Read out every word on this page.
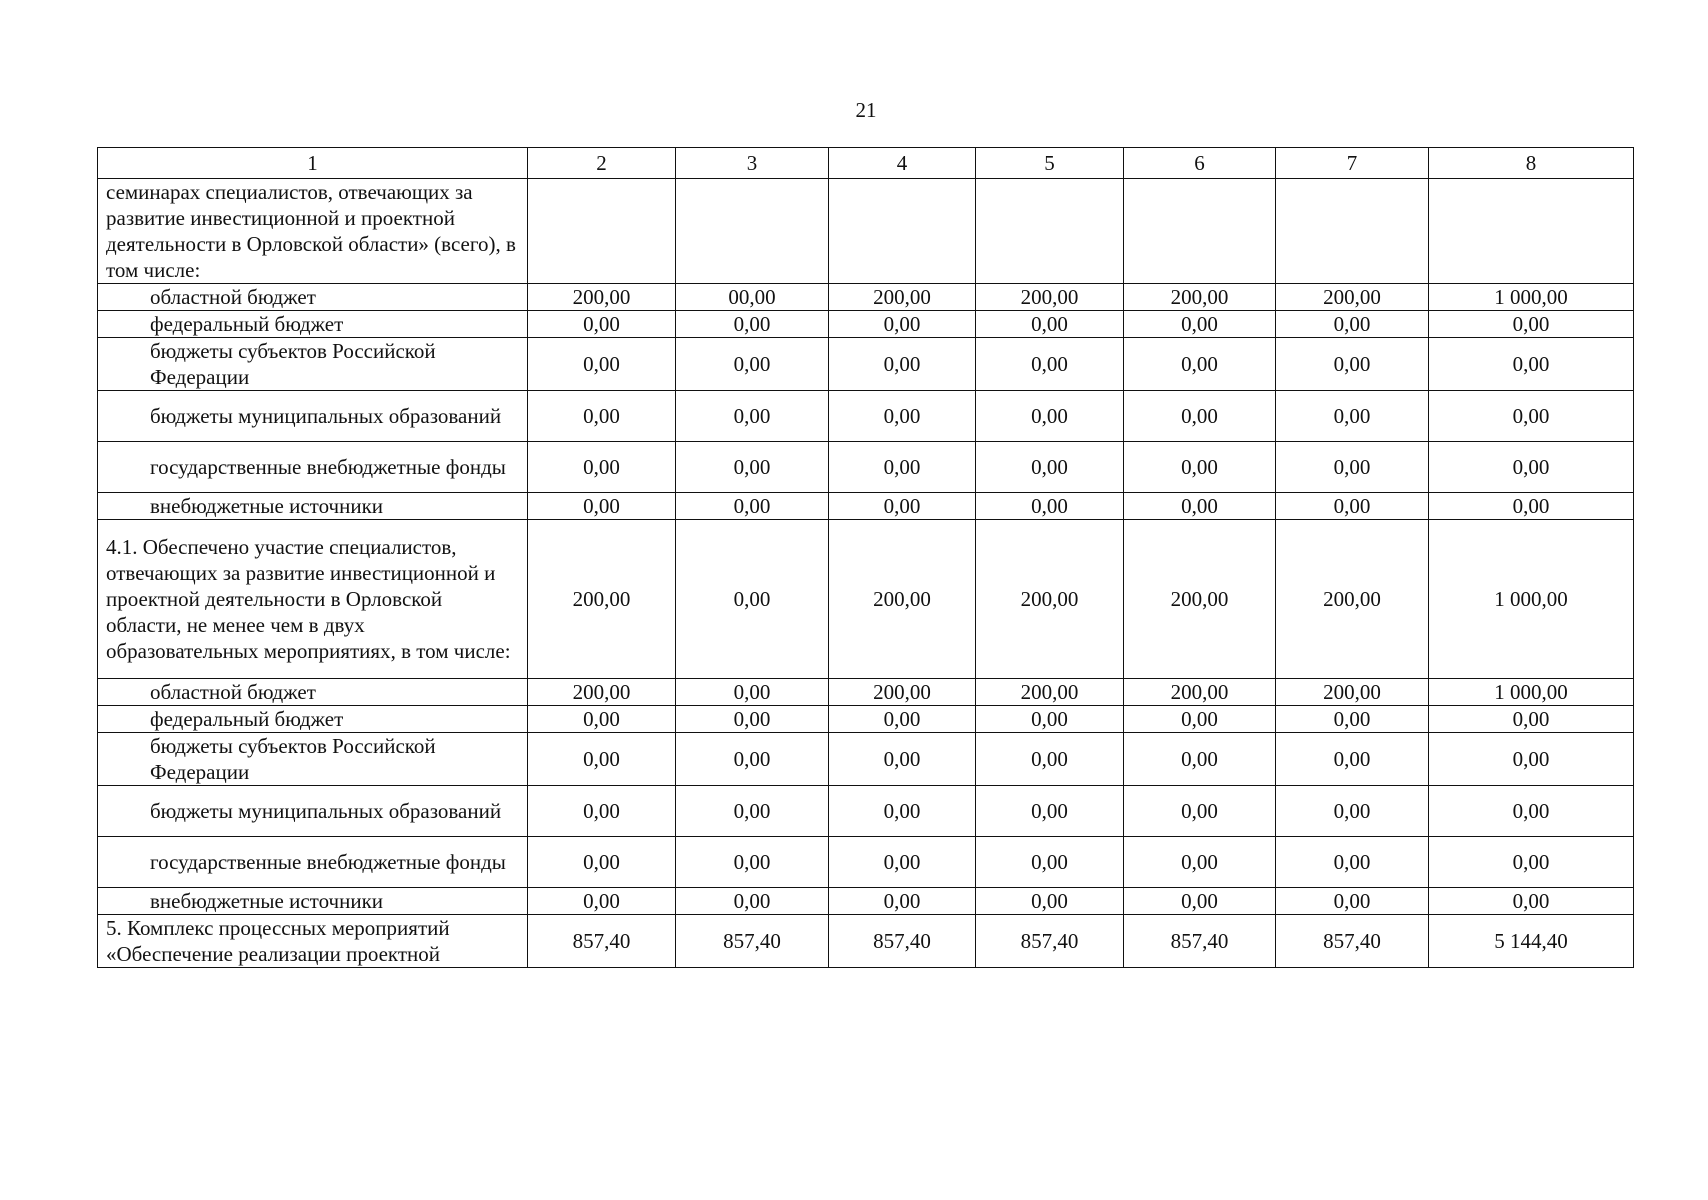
21
1	2	3	4	5	6	7	8
семинарах специалистов, отвечающих за развитие инвестиционной и проектной деятельности в Орловской области» (всего), в том числе:							
областной бюджет	200,00	00,00	200,00	200,00	200,00	200,00	1 000,00
федеральный бюджет	0,00	0,00	0,00	0,00	0,00	0,00	0,00
бюджеты субъектов Российской Федерации	0,00	0,00	0,00	0,00	0,00	0,00	0,00
бюджеты муниципальных образований	0,00	0,00	0,00	0,00	0,00	0,00	0,00
государственные внебюджетные фонды	0,00	0,00	0,00	0,00	0,00	0,00	0,00
внебюджетные источники	0,00	0,00	0,00	0,00	0,00	0,00	0,00
4.1. Обеспечено участие специалистов, отвечающих за развитие инвестиционной и проектной деятельности в Орловской области, не менее чем в двух образовательных мероприятиях, в том числе:	200,00	0,00	200,00	200,00	200,00	200,00	1 000,00
областной бюджет	200,00	0,00	200,00	200,00	200,00	200,00	1 000,00
федеральный бюджет	0,00	0,00	0,00	0,00	0,00	0,00	0,00
бюджеты субъектов Российской Федерации	0,00	0,00	0,00	0,00	0,00	0,00	0,00
бюджеты муниципальных образований	0,00	0,00	0,00	0,00	0,00	0,00	0,00
государственные внебюджетные фонды	0,00	0,00	0,00	0,00	0,00	0,00	0,00
внебюджетные источники	0,00	0,00	0,00	0,00	0,00	0,00	0,00
5. Комплекс процессных мероприятий «Обеспечение реализации проектной	857,40	857,40	857,40	857,40	857,40	857,40	5 144,40
